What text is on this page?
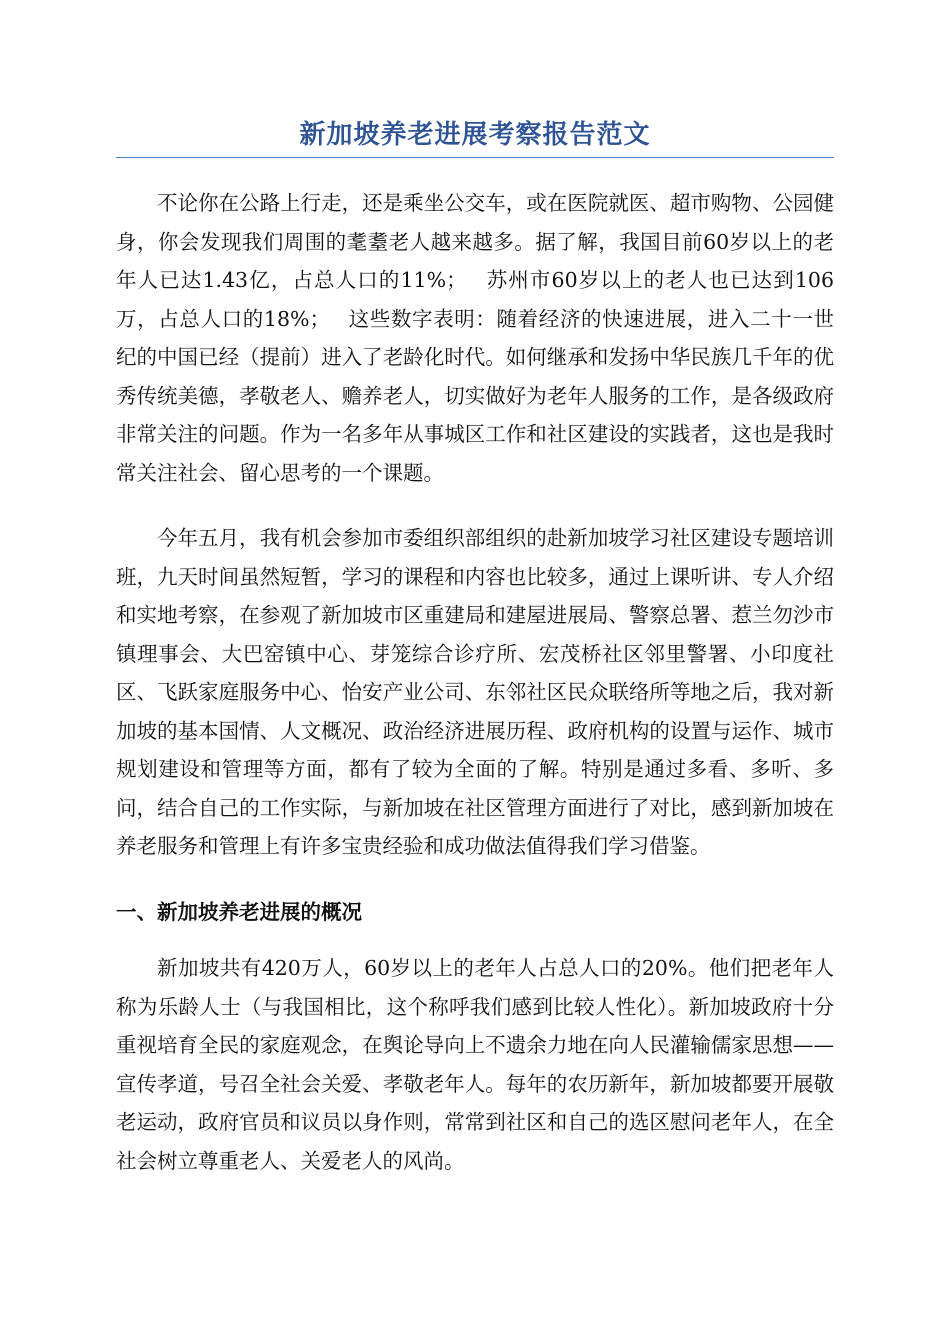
新加坡养老进展考察报告范文

不论你在公路上行走，还是乘坐公交车，或在医院就医、超市购物、公园健身，你会发现我们周围的耄耋老人越来越多。据了解，我国目前60岁以上的老年人已达1.43亿，占总人口的11%；　 苏州市60岁以上的老人也已达到106万，占总人口的18%；　 这些数字表明：随着经济的快速进展，进入二十一世纪的中国已经（提前）进入了老龄化时代。如何继承和发扬中华民族几千年的优秀传统美德，孝敬老人、赡养老人，切实做好为老年人服务的工作，是各级政府非常关注的问题。作为一名多年从事城区工作和社区建设的实践者，这也是我时常关注社会、留心思考的一个课题。

今年五月，我有机会参加市委组织部组织的赴新加坡学习社区建设专题培训班，九天时间虽然短暂，学习的课程和内容也比较多，通过上课听讲、专人介绍和实地考察，在参观了新加坡市区重建局和建屋进展局、警察总署、惹兰勿沙市镇理事会、大巴窑镇中心、芽笼综合诊疗所、宏茂桥社区邻里警署、小印度社区、飞跃家庭服务中心、怡安产业公司、东邻社区民众联络所等地之后，我对新加坡的基本国情、人文概况、政治经济进展历程、政府机构的设置与运作、城市规划建设和管理等方面，都有了较为全面的了解。特别是通过多看、多听、多问，结合自己的工作实际，与新加坡在社区管理方面进行了对比，感到新加坡在养老服务和管理上有许多宝贵经验和成功做法值得我们学习借鉴。

一、新加坡养老进展的概况

新加坡共有420万人，60岁以上的老年人占总人口的20%。他们把老年人称为乐龄人士（与我国相比，这个称呼我们感到比较人性化）。新加坡政府十分重视培育全民的家庭观念，在舆论导向上不遗余力地在向人民灌输儒家思想——宣传孝道，号召全社会关爱、孝敬老年人。每年的农历新年，新加坡都要开展敬老运动，政府官员和议员以身作则，常常到社区和自己的选区慰问老年人，在全社会树立尊重老人、关爱老人的风尚。
